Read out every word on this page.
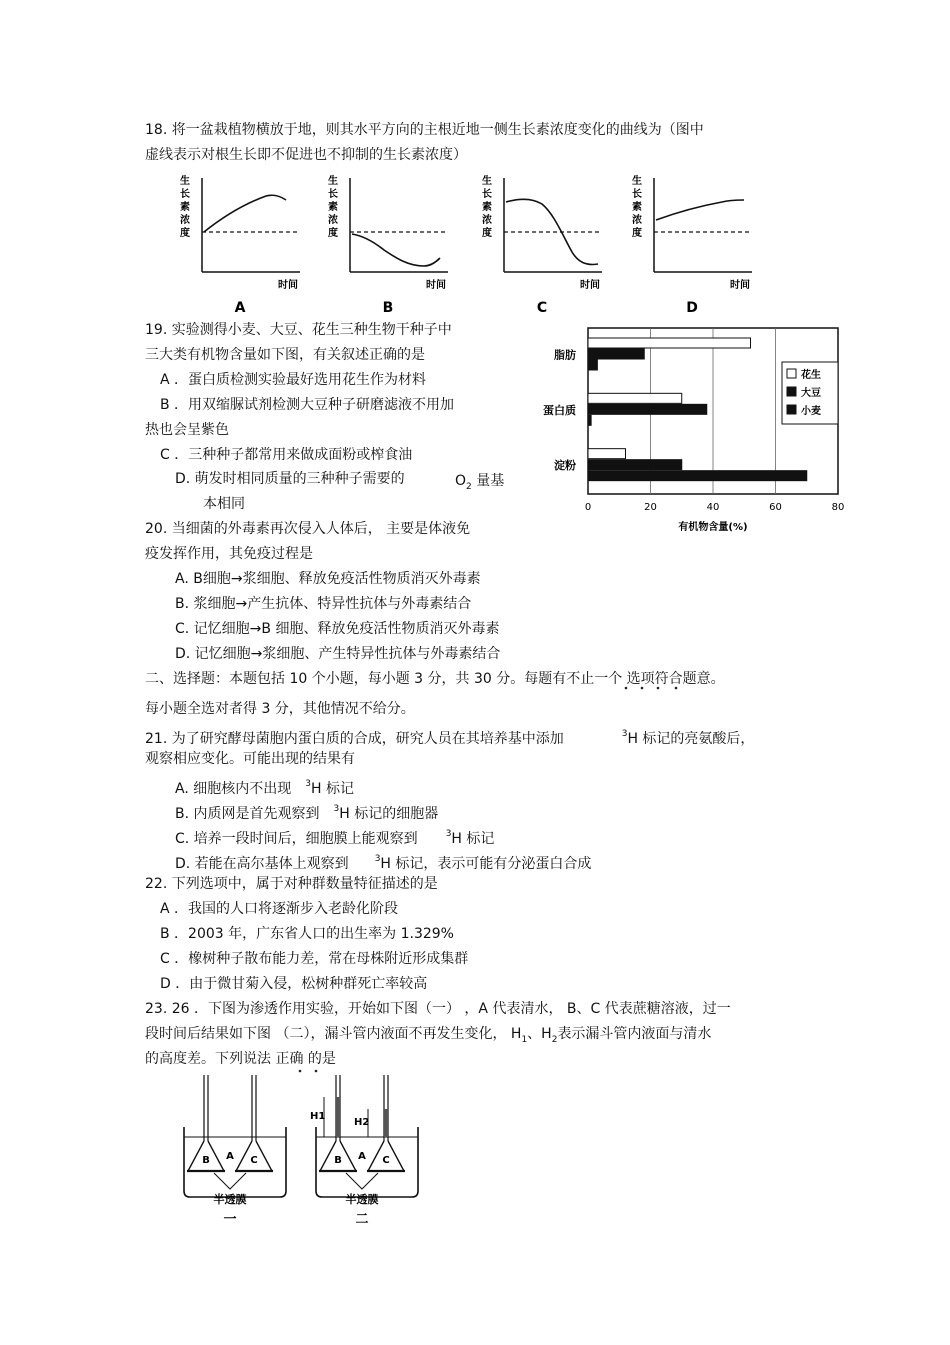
18. 将一盆栽植物横放于地，则其水平方向的主根近地一侧生长素浓度变化的曲线为（图中
虚线表示对根生长即不促进也不抑制的生长素浓度）
生
长
素
浓
度
时间
A
生
长
素
浓
度
时间
B
生
长
素
浓
度
时间
C
生
长
素
浓
度
时间
D
19. 实验测得小麦、大豆、花生三种生物干种子中
三大类有机物含量如下图，有关叙述正确的是
A ．蛋白质检测实验最好选用花生作为材料
B ．用双缩脲试剂检测大豆种子研磨滤液不用加
热也会呈紫色
C ．三种种子都常用来做成面粉或榨食油
D. 萌发时相同质量的三种种子需要的	$O_2$ 量基
本相同	0	20	40	60	80
有机物含量(%)
脂肪
蛋白质
淀粉
花生
大豆
小麦
20. 当细菌的外毒素再次侵入人体后， 主要是体液免
疫发挥作用，其免疫过程是
A. B细胞→浆细胞、释放免疫活性物质消灭外毒素
B. 浆细胞→产生抗体、特异性抗体与外毒素结合
C. 记忆细胞→B 细胞、释放免疫活性物质消灭外毒素
D. 记忆细胞→浆细胞、产生特异性抗体与外毒素结合
二、选择题：本题包括 10 个小题，每小题 3 分，共 30 分。每题有不止一个 选项符合题意。
每小题全选对者得 3 分，其他情况不给分。
21. 为了研究酵母菌胞内蛋白质的合成，研究人员在其培养基中添加	$^3$H 标记的亮氨酸后，
观察相应变化。可能出现的结果有
A. 细胞核内不出现 $^3$H 标记
B. 内质网是首先观察到 $^3$H 标记的细胞器
C. 培养一段时间后，细胞膜上能观察到	$^3$H 标记
D. 若能在高尔基体上观察到	$^3$H 标记，表示可能有分泌蛋白合成
22. 下列选项中，属于对种群数量特征描述的是
A ．我国的人口将逐渐步入老龄化阶段
B ．2003 年，广东省人口的出生率为 1.329%
C ．橡树种子散布能力差，常在母株附近形成集群
D ．由于微甘菊入侵，松树种群死亡率较高
23. 26 ．下图为渗透作用实验，开始如下图（一） ，A 代表清水， B、C 代表蔗糖溶液，过一
段时间后结果如下图 （二），漏斗管内液面不再发生变化， $H_1$、$H_2$表示漏斗管内液面与清水
的高度差。下列说法 正确 的是
B	C
A
半透膜
一
B	C
A
半透膜
二
H1
H2
